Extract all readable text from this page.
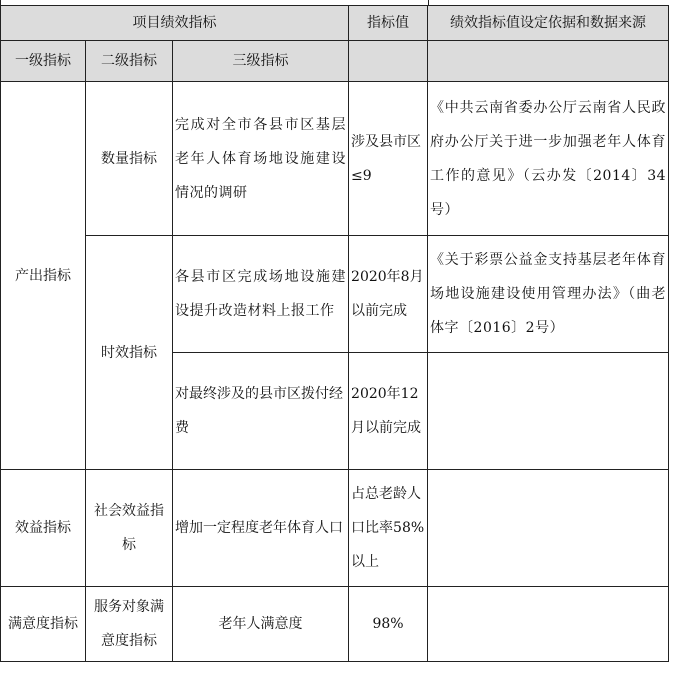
项目绩效指标			指标值	绩效指标值设定依据和数据来源
一级指标	二级指标	三级指标		
产出指标	数量指标	完成对全市各县市区基层老年人体育场地设施建设情况的调研	涉及县市区≤9	《中共云南省委办公厅云南省人民政府办公厅关于进一步加强老年人体育工作的意见》（云办发〔2014〕34号）
	时效指标	各县市区完成场地设施建设提升改造材料上报工作	2020年8月以前完成	《关于彩票公益金支持基层老年体育场地设施建设使用管理办法》（曲老体字〔2016〕2号）
		对最终涉及的县市区拨付经费	2020年12月以前完成	
效益指标	社会效益指标	增加一定程度老年体育人口	占总老龄人口比率58%以上	
满意度指标	服务对象满意度指标	老年人满意度	98%	
